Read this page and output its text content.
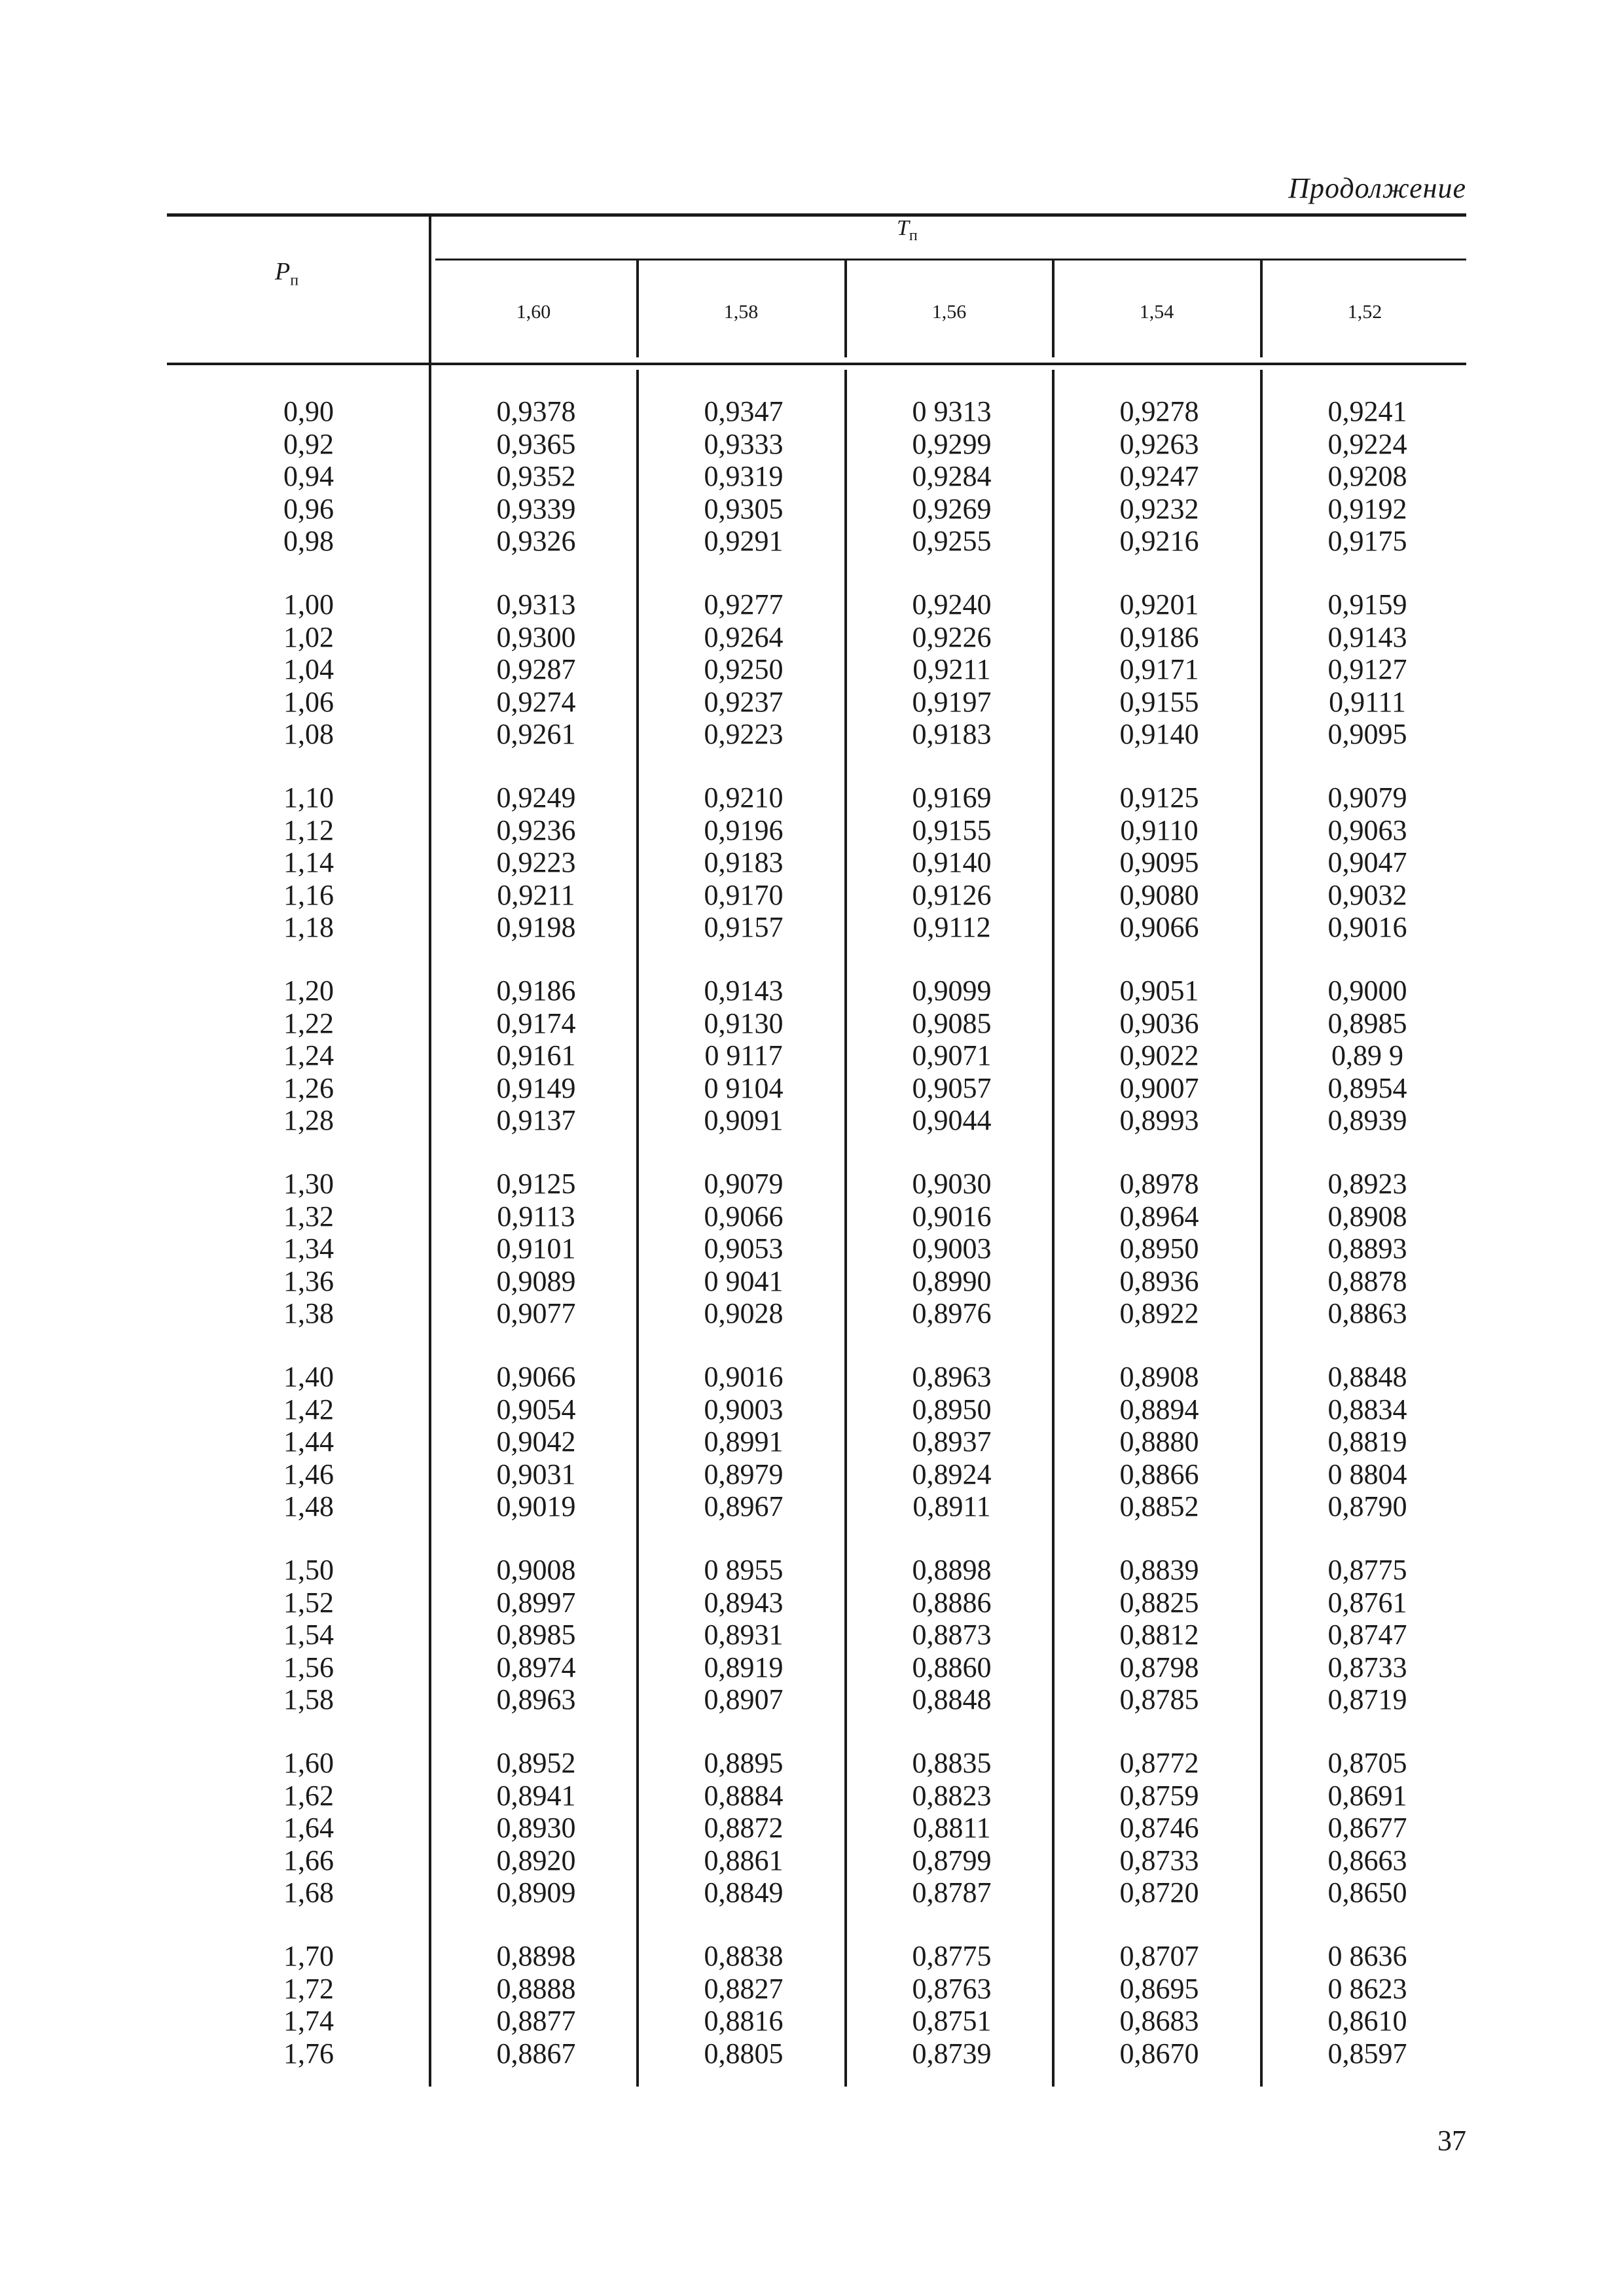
Продолжение
$P_п$
$T_п$
1,60	1,58	1,56	1,54	1,52
0,90	0,9378	0,9347	0 9313	0,9278	0,9241
0,92	0,9365	0,9333	0,9299	0,9263	0,9224
0,94	0,9352	0,9319	0,9284	0,9247	0,9208
0,96	0,9339	0,9305	0,9269	0,9232	0,9192
0,98	0,9326	0,9291	0,9255	0,9216	0,9175
1,00	0,9313	0,9277	0,9240	0,9201	0,9159
1,02	0,9300	0,9264	0,9226	0,9186	0,9143
1,04	0,9287	0,9250	0,9211	0,9171	0,9127
1,06	0,9274	0,9237	0,9197	0,9155	0,9111
1,08	0,9261	0,9223	0,9183	0,9140	0,9095
1,10	0,9249	0,9210	0,9169	0,9125	0,9079
1,12	0,9236	0,9196	0,9155	0,9110	0,9063
1,14	0,9223	0,9183	0,9140	0,9095	0,9047
1,16	0,9211	0,9170	0,9126	0,9080	0,9032
1,18	0,9198	0,9157	0,9112	0,9066	0,9016
1,20	0,9186	0,9143	0,9099	0,9051	0,9000
1,22	0,9174	0,9130	0,9085	0,9036	0,8985
1,24	0,9161	0 9117	0,9071	0,9022	0,89 9
1,26	0,9149	0 9104	0,9057	0,9007	0,8954
1,28	0,9137	0,9091	0,9044	0,8993	0,8939
1,30	0,9125	0,9079	0,9030	0,8978	0,8923
1,32	0,9113	0,9066	0,9016	0,8964	0,8908
1,34	0,9101	0,9053	0,9003	0,8950	0,8893
1,36	0,9089	0 9041	0,8990	0,8936	0,8878
1,38	0,9077	0,9028	0,8976	0,8922	0,8863
1,40	0,9066	0,9016	0,8963	0,8908	0,8848
1,42	0,9054	0,9003	0,8950	0,8894	0,8834
1,44	0,9042	0,8991	0,8937	0,8880	0,8819
1,46	0,9031	0,8979	0,8924	0,8866	0 8804
1,48	0,9019	0,8967	0,8911	0,8852	0,8790
1,50	0,9008	0 8955	0,8898	0,8839	0,8775
1,52	0,8997	0,8943	0,8886	0,8825	0,8761
1,54	0,8985	0,8931	0,8873	0,8812	0,8747
1,56	0,8974	0,8919	0,8860	0,8798	0,8733
1,58	0,8963	0,8907	0,8848	0,8785	0,8719
1,60	0,8952	0,8895	0,8835	0,8772	0,8705
1,62	0,8941	0,8884	0,8823	0,8759	0,8691
1,64	0,8930	0,8872	0,8811	0,8746	0,8677
1,66	0,8920	0,8861	0,8799	0,8733	0,8663
1,68	0,8909	0,8849	0,8787	0,8720	0,8650
1,70	0,8898	0,8838	0,8775	0,8707	0 8636
1,72	0,8888	0,8827	0,8763	0,8695	0 8623
1,74	0,8877	0,8816	0,8751	0,8683	0,8610
1,76	0,8867	0,8805	0,8739	0,8670	0,8597
37
